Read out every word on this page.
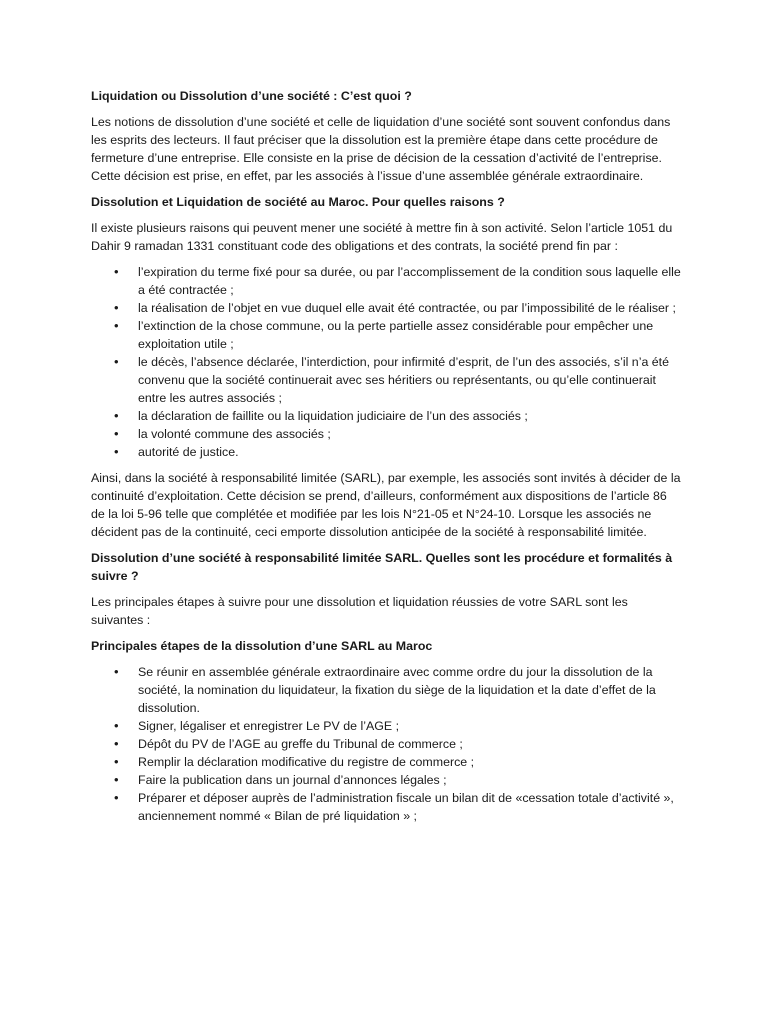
Liquidation ou Dissolution d’une société : C’est quoi ?

Les notions de dissolution d’une société et celle de liquidation d’une société sont souvent confondus dans les esprits des lecteurs. Il faut préciser que la dissolution est la première étape dans cette procédure de fermeture d’une entreprise. Elle consiste en la prise de décision de la cessation d’activité de l’entreprise. Cette décision est prise, en effet, par les associés à l’issue d’une assemblée générale extraordinaire.

Dissolution et Liquidation de société au Maroc. Pour quelles raisons ?

Il existe plusieurs raisons qui peuvent mener une société à mettre fin à son activité. Selon l’article 1051 du Dahir 9 ramadan 1331 constituant code des obligations et des contrats, la société prend fin par :

• l’expiration du terme fixé pour sa durée, ou par l’accomplissement de la condition sous laquelle elle a été contractée ;
• la réalisation de l’objet en vue duquel elle avait été contractée, ou par l’impossibilité de le réaliser ;
• l’extinction de la chose commune, ou la perte partielle assez considérable pour empêcher une exploitation utile ;
• le décès, l’absence déclarée, l’interdiction, pour infirmité d’esprit, de l’un des associés, s’il n’a été convenu que la société continuerait avec ses héritiers ou représentants, ou qu’elle continuerait entre les autres associés ;
• la déclaration de faillite ou la liquidation judiciaire de l’un des associés ;
• la volonté commune des associés ;
• autorité de justice.

Ainsi, dans la société à responsabilité limitée (SARL), par exemple, les associés sont invités à décider de la continuité d’exploitation. Cette décision se prend, d’ailleurs, conformément aux dispositions de l’article 86 de la loi 5-96 telle que complétée et modifiée par les lois N°21-05 et N°24-10. Lorsque les associés ne décident pas de la continuité, ceci emporte dissolution anticipée de la société à responsabilité limitée.

Dissolution d’une société à responsabilité limitée SARL. Quelles sont les procédure et formalités à suivre ?

Les principales étapes à suivre pour une dissolution et liquidation réussies de votre SARL sont les suivantes :

Principales étapes de la dissolution d’une SARL au Maroc

• Se réunir en assemblée générale extraordinaire avec comme ordre du jour la dissolution de la société, la nomination du liquidateur, la fixation du siège de la liquidation et la date d’effet de la dissolution.
• Signer, légaliser et enregistrer Le PV de l’AGE ;
• Dépôt du PV de l’AGE au greffe du Tribunal de commerce ;
• Remplir la déclaration modificative du registre de commerce ;
• Faire la publication dans un journal d’annonces légales ;
• Préparer et déposer auprès de l’administration fiscale un bilan dit de «cessation totale d’activité », anciennement nommé « Bilan de pré liquidation » ;
